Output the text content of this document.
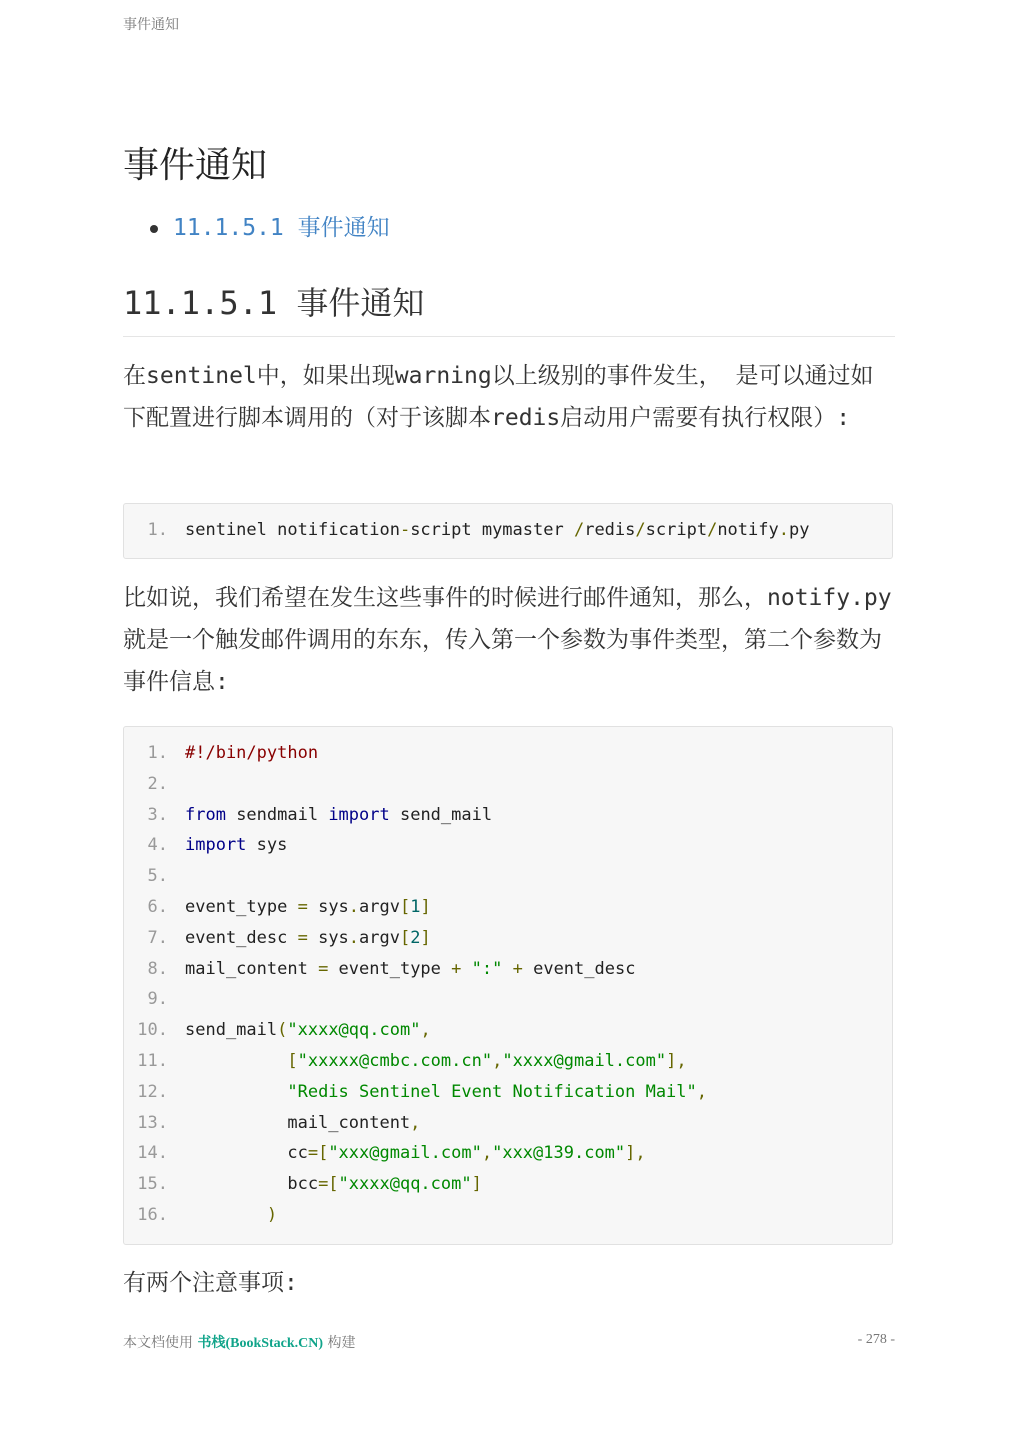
事件通知
事件通知
11.1.5.1 事件通知
11.1.5.1 事件通知

在sentinel中，如果出现warning以上级别的事件发生， 是可以通过如下配置进行脚本调用的（对于该脚本redis启动用户需要有执行权限）:

1. sentinel notification-script mymaster /redis/script/notify.py

比如说，我们希望在发生这些事件的时候进行邮件通知，那么，notify.py就是一个触发邮件调用的东东，传入第一个参数为事件类型，第二个参数为事件信息:

1. #!/bin/python
2.
3. from sendmail import send_mail
4. import sys
5.
6. event_type = sys.argv[1]
7. event_desc = sys.argv[2]
8. mail_content = event_type + ":" + event_desc
9.
10. send_mail("xxxx@qq.com",
11.	["xxxxx@cmbc.com.cn","xxxx@gmail.com"],
12.	"Redis Sentinel Event Notification Mail",
13. mail_content,
14. cc=["xxx@gmail.com","xxx@139.com"],
15. bcc=["xxxx@qq.com"]
16.	)

有两个注意事项:

本文档使用 书栈(BookStack.CN) 构建	- 278 -
